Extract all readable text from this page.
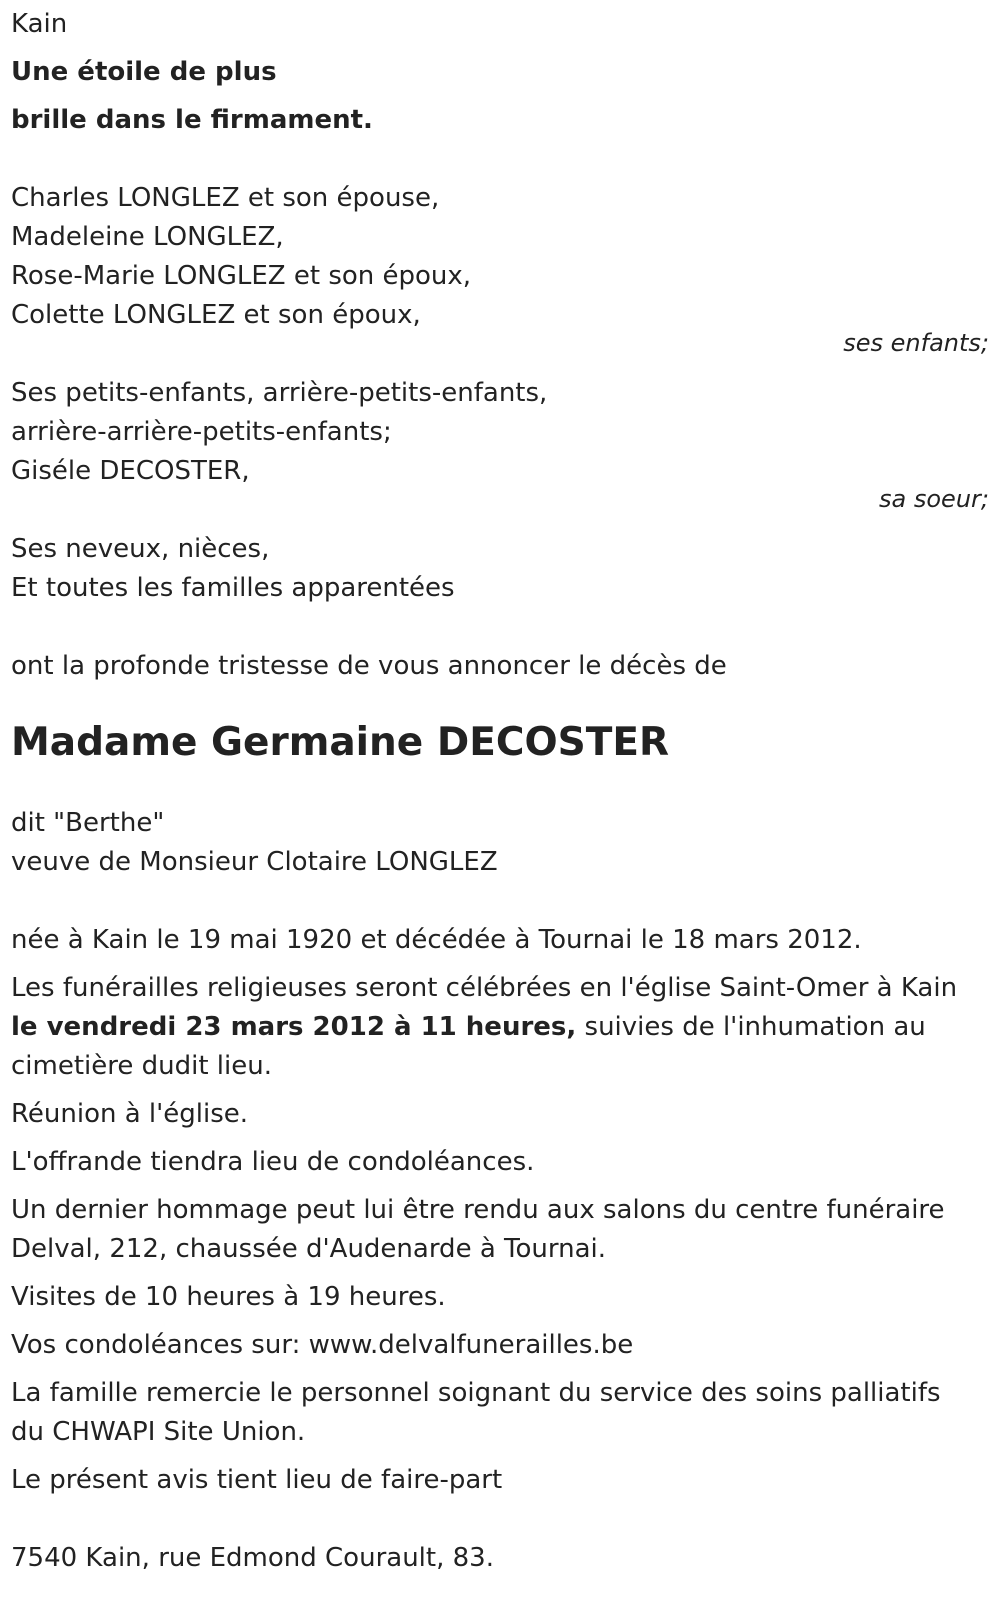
Kain
Une étoile de plus
brille dans le firmament.
Charles LONGLEZ et son épouse,
Madeleine LONGLEZ,
Rose-Marie LONGLEZ et son époux,
Colette LONGLEZ et son époux,
ses enfants;
Ses petits-enfants, arrière-petits-enfants,
arrière-arrière-petits-enfants;
Giséle DECOSTER,
sa soeur;
Ses neveux, nièces,
Et toutes les familles apparentées
ont la profonde tristesse de vous annoncer le décès de
Madame Germaine DECOSTER
dit "Berthe"
veuve de Monsieur Clotaire LONGLEZ
née à Kain le 19 mai 1920 et décédée à Tournai le 18 mars 2012.
Les funérailles religieuses seront célébrées en l'église Saint-Omer à Kain
le vendredi 23 mars 2012 à 11 heures, suivies de l'inhumation au
cimetière dudit lieu.
Réunion à l'église.
L'offrande tiendra lieu de condoléances.
Un dernier hommage peut lui être rendu aux salons du centre funéraire
Delval, 212, chaussée d'Audenarde à Tournai.
Visites de 10 heures à 19 heures.
Vos condoléances sur: www.delvalfunerailles.be
La famille remercie le personnel soignant du service des soins palliatifs
du CHWAPI Site Union.
Le présent avis tient lieu de faire-part
7540 Kain, rue Edmond Courault, 83.
